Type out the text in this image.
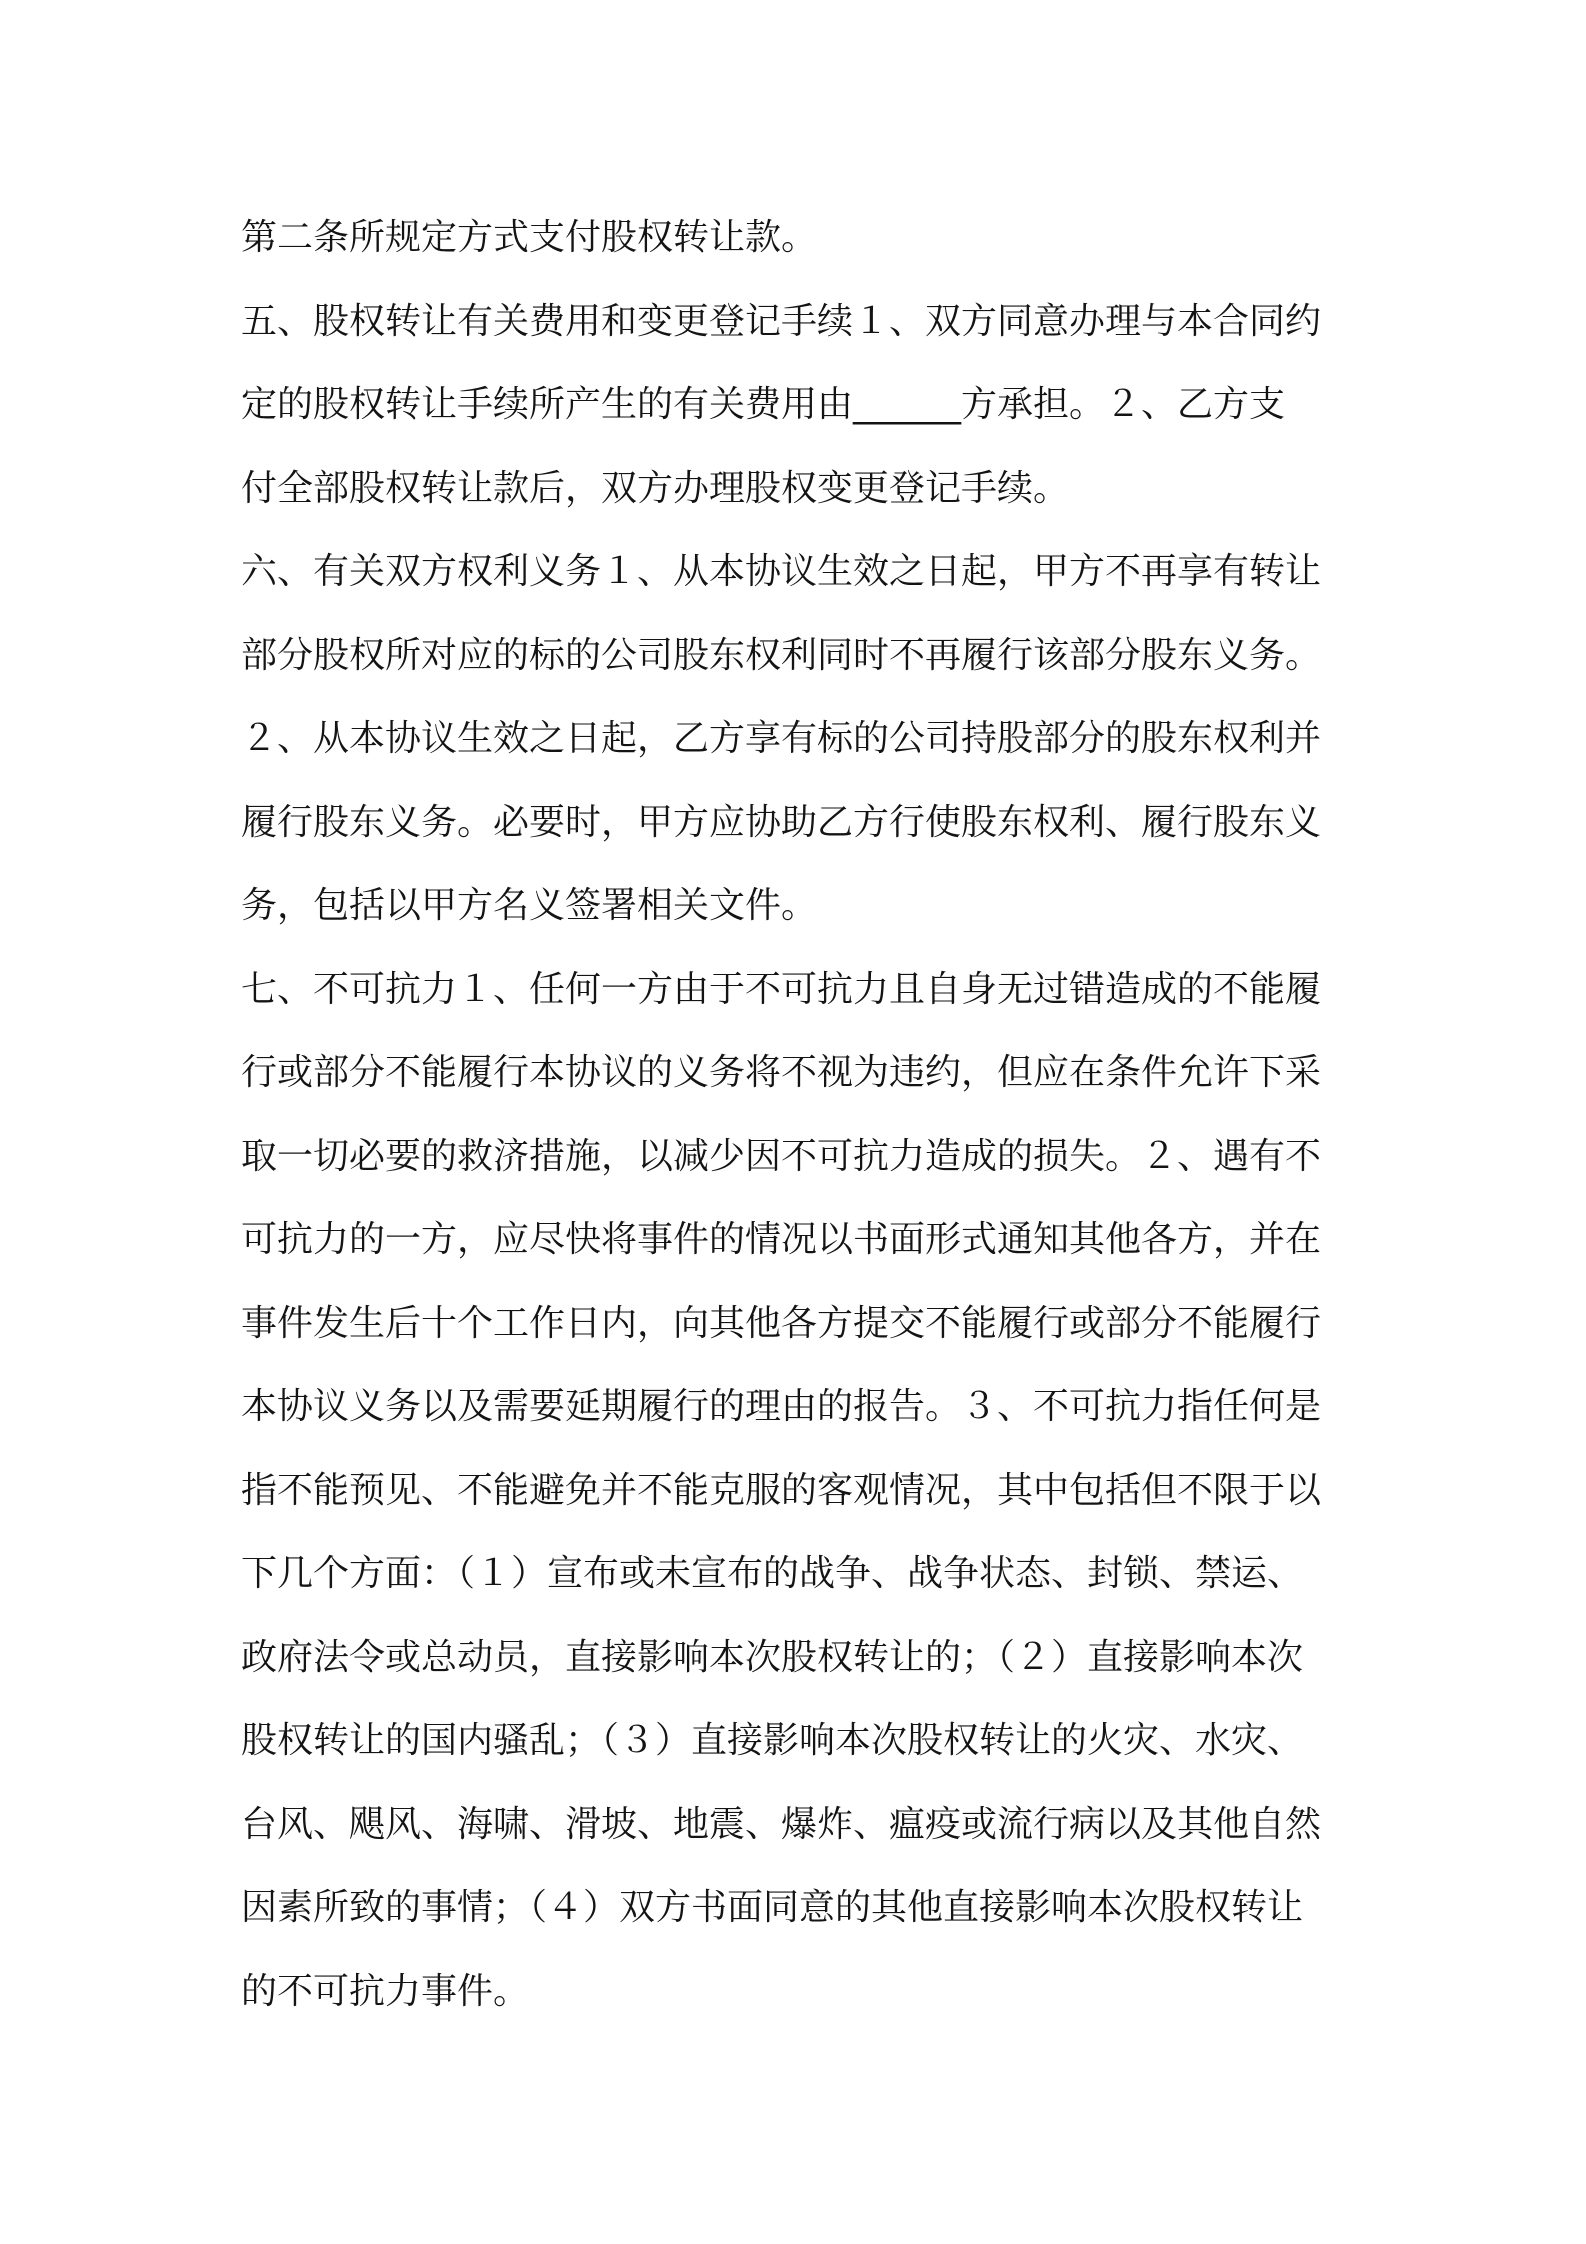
第二条所规定方式支付股权转让款。
五、股权转让有关费用和变更登记手续１、双方同意办理与本合同约
定的股权转让手续所产生的有关费用由______方承担。２、乙方支
付全部股权转让款后，双方办理股权变更登记手续。
六、有关双方权利义务１、从本协议生效之日起，甲方不再享有转让
部分股权所对应的标的公司股东权利同时不再履行该部分股东义务。
２、从本协议生效之日起，乙方享有标的公司持股部分的股东权利并
履行股东义务。必要时，甲方应协助乙方行使股东权利、履行股东义
务，包括以甲方名义签署相关文件。
七、不可抗力１、任何一方由于不可抗力且自身无过错造成的不能履
行或部分不能履行本协议的义务将不视为违约，但应在条件允许下采
取一切必要的救济措施，以减少因不可抗力造成的损失。２、遇有不
可抗力的一方，应尽快将事件的情况以书面形式通知其他各方，并在
事件发生后十个工作日内，向其他各方提交不能履行或部分不能履行
本协议义务以及需要延期履行的理由的报告。３、不可抗力指任何是
指不能预见、不能避免并不能克服的客观情况，其中包括但不限于以
下几个方面：（１）宣布或未宣布的战争、战争状态、封锁、禁运、
政府法令或总动员，直接影响本次股权转让的；（２）直接影响本次
股权转让的国内骚乱；（３）直接影响本次股权转让的火灾、水灾、
台风、飓风、海啸、滑坡、地震、爆炸、瘟疫或流行病以及其他自然
因素所致的事情；（４）双方书面同意的其他直接影响本次股权转让
的不可抗力事件。
